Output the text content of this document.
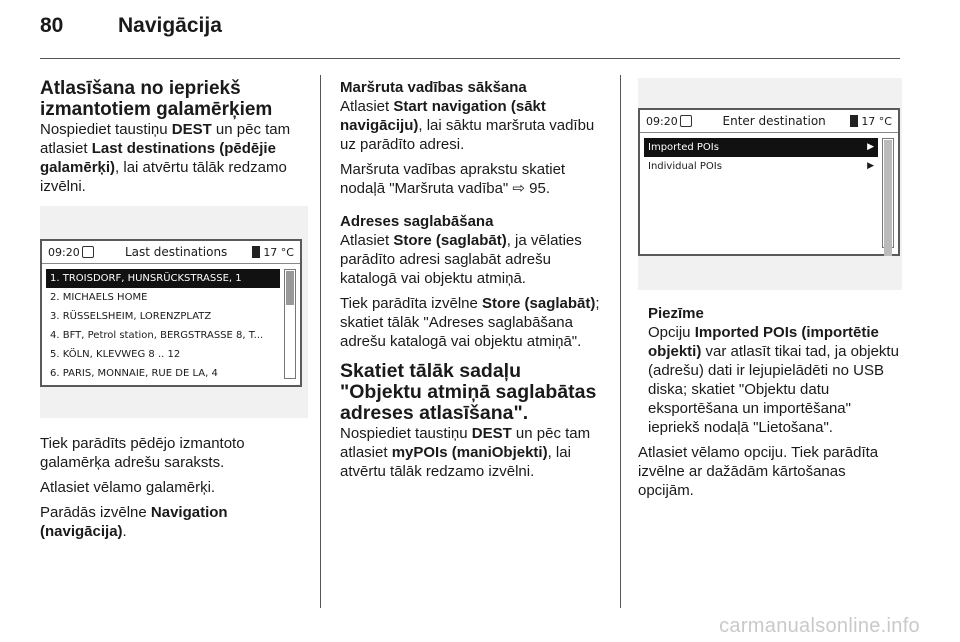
80	Navigācija
Atlasīšana no iepriekš
izmantotiem galamērķiem

Nospiediet taustiņu DEST un pēc tam atlasiet Last destinations (pēdējie galamērķi), lai atvērtu tālāk redzamo izvēlni.

09:20	Last destinations	17 °C
1. TROISDORF, HUNSRÜCKSTRASSE, 1
2. MICHAELS HOME
3. RÜSSELSHEIM, LORENZPLATZ
4. BFT, Petrol station, BERGSTRASSE 8, T...
5. KÖLN, KLEVWEG 8 .. 12
6. PARIS, MONNAIE, RUE DE LA, 4

Tiek parādīts pēdējo izmantoto galamērķa adrešu saraksts.

Atlasiet vēlamo galamērķi.

Parādās izvēlne Navigation (navigācija).

Maršruta vadības sākšana

Atlasiet Start navigation (sākt navigāciju), lai sāktu maršruta vadību uz parādīto adresi.

Maršruta vadības aprakstu skatiet nodaļā "Maršruta vadība" ⇨ 95.

Adreses saglabāšana

Atlasiet Store (saglabāt), ja vēlaties parādīto adresi saglabāt adrešu katalogā vai objektu atmiņā.

Tiek parādīta izvēlne Store (saglabāt); skatiet tālāk "Adreses saglabāšana adrešu katalogā vai objektu atmiņā".

Skatiet tālāk sadaļu "Objektu atmiņā saglabātas adreses atlasīšana".

Nospiediet taustiņu DEST un pēc tam atlasiet myPOIs (maniObjekti), lai atvērtu tālāk redzamo izvēlni.

09:20	Enter destination	17 °C
Imported POIs	▶
Individual POIs	▶
Piezīme

Opciju Imported POIs (importētie objekti) var atlasīt tikai tad, ja objektu (adrešu) dati ir lejupielādēti no USB diska; skatiet "Objektu datu eksportēšana un importēšana" iepriekš nodaļā "Lietošana".

Atlasiet vēlamo opciju. Tiek parādīta izvēlne ar dažādām kārtošanas opcijām.

carmanualsonline.info
